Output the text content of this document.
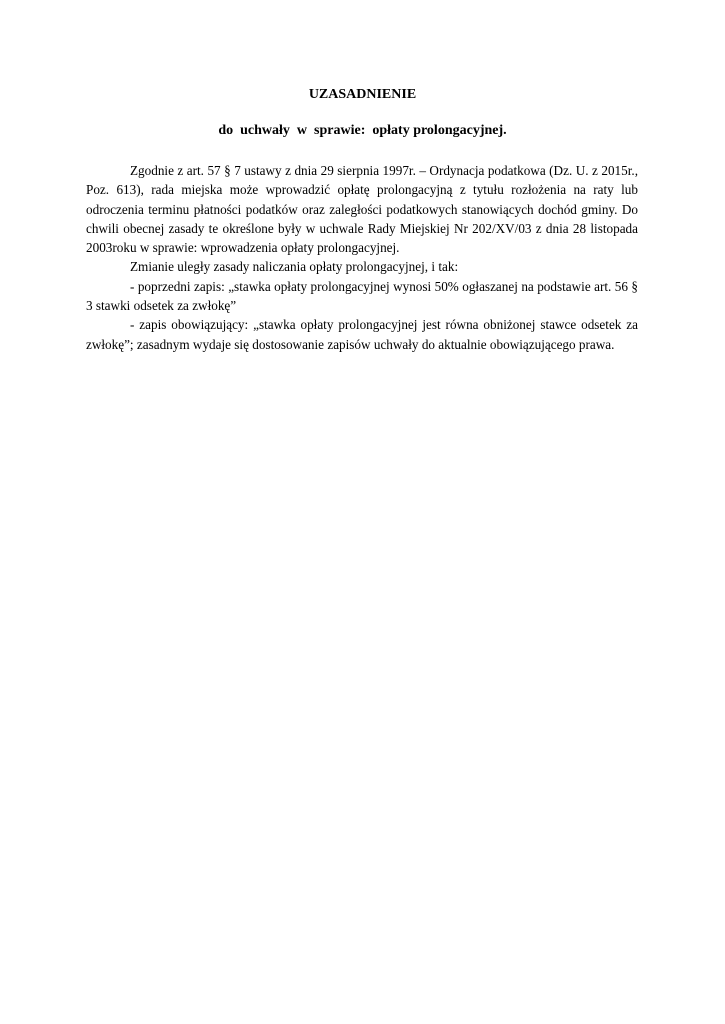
UZASADNIENIE
do  uchwały  w  sprawie:  opłaty prolongacyjnej.

Zgodnie z art. 57 § 7 ustawy z dnia 29 sierpnia 1997r. – Ordynacja podatkowa (Dz. U. z 2015r., Poz. 613), rada miejska może wprowadzić opłatę prolongacyjną z tytułu rozłożenia na raty lub odroczenia terminu płatności podatków oraz zaległości podatkowych stanowiących dochód gminy. Do chwili obecnej zasady te określone były w uchwale Rady Miejskiej Nr 202/XV/03 z dnia 28 listopada 2003roku w sprawie: wprowadzenia opłaty prolongacyjnej.

Zmianie uległy zasady naliczania opłaty prolongacyjnej, i tak:

- poprzedni zapis: „stawka opłaty prolongacyjnej wynosi 50% ogłaszanej na podstawie art. 56 § 3 stawki odsetek za zwłokę”

- zapis obowiązujący: „stawka opłaty prolongacyjnej jest równa obniżonej stawce odsetek za zwłokę”; zasadnym wydaje się dostosowanie zapisów uchwały do aktualnie obowiązującego prawa.
